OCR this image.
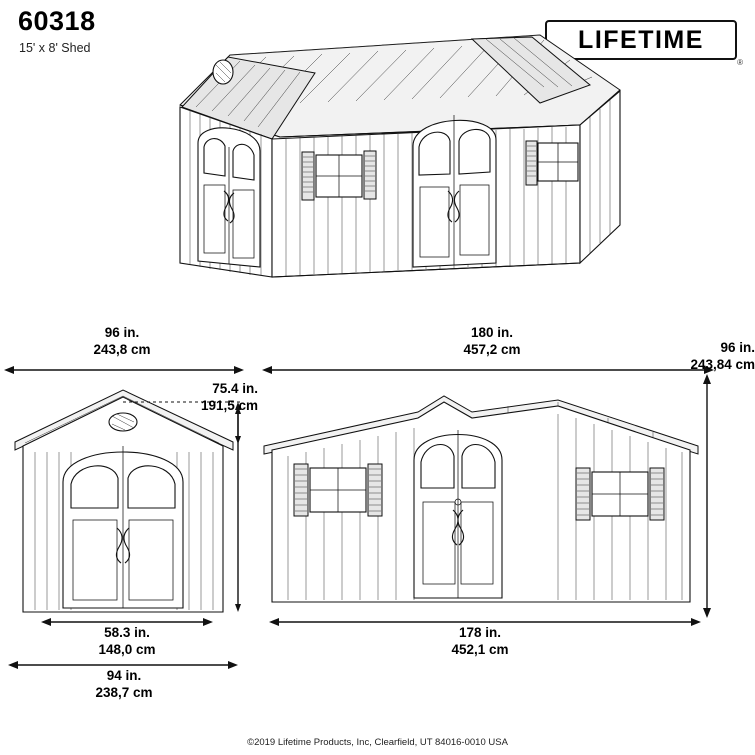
60318
15' x 8' Shed	LIFETIME
®
96 in.
243,8 cm
180 in.
457,2 cm	96 in.
243,84 cm
75.4 in.
191,5 cm
58.3 in.
148,0 cm
94 in.
238,7 cm
178 in.
452,1 cm
©2019 Lifetime Products, Inc, Clearfield, UT 84016-0010 USA
